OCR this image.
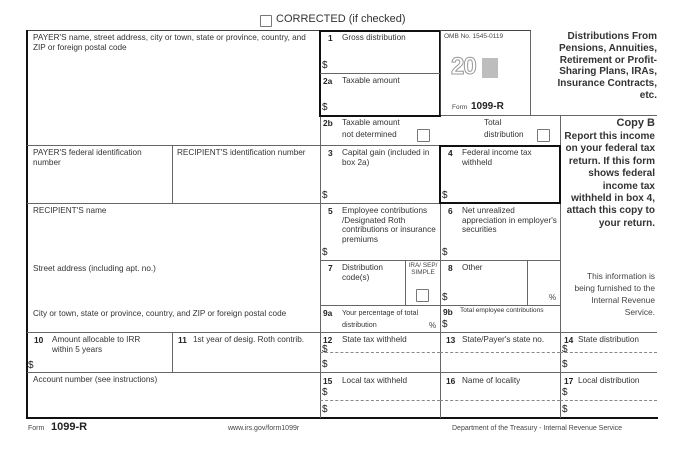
CORRECTED (if checked)
PAYER'S name, street address, city or town, state or province, country, and ZIP or foreign postal code
PAYER'S federal identification number
RECIPIENT'S identification number
RECIPIENT'S name
Street address (including apt. no.)
City or town, state or province, country, and ZIP or foreign postal code
Account number (see instructions)
1 Gross distribution
$
2a Taxable amount
$
OMB No. 1545-0119
20
Form 1099-R
Distributions From Pensions, Annuities, Retirement or Profit-Sharing Plans, IRAs, Insurance Contracts, etc.
2b Taxable amount
not determined
Total
distribution
Copy B
Report this income on your federal tax return. If this form shows federal income tax withheld in box 4, attach this copy to your return.
This information is being furnished to the Internal Revenue Service.
3 Capital gain (included in box 2a)
$
4 Federal income tax withheld
$
5 Employee contributions /Designated Roth contributions or insurance premiums
$
6 Net unrealized appreciation in employer's securities
$
7 Distribution code(s)
IRA/ SEP/ SIMPLE	8 Other
$	%
9a Your percentage of total distribution	%
9b Total employee contributions
$
10 Amount allocable to IRR within 5 years
$
11 1st year of desig. Roth contrib. 12 State tax withheld
$
$
13 State/Payer's state no. 14 State distribution
$
$
15 Local tax withheld
$
$
16 Name of locality	17 Local distribution
$
$
Form 1099-R	www.irs.gov/form1099r	Department of the Treasury - Internal Revenue Service
